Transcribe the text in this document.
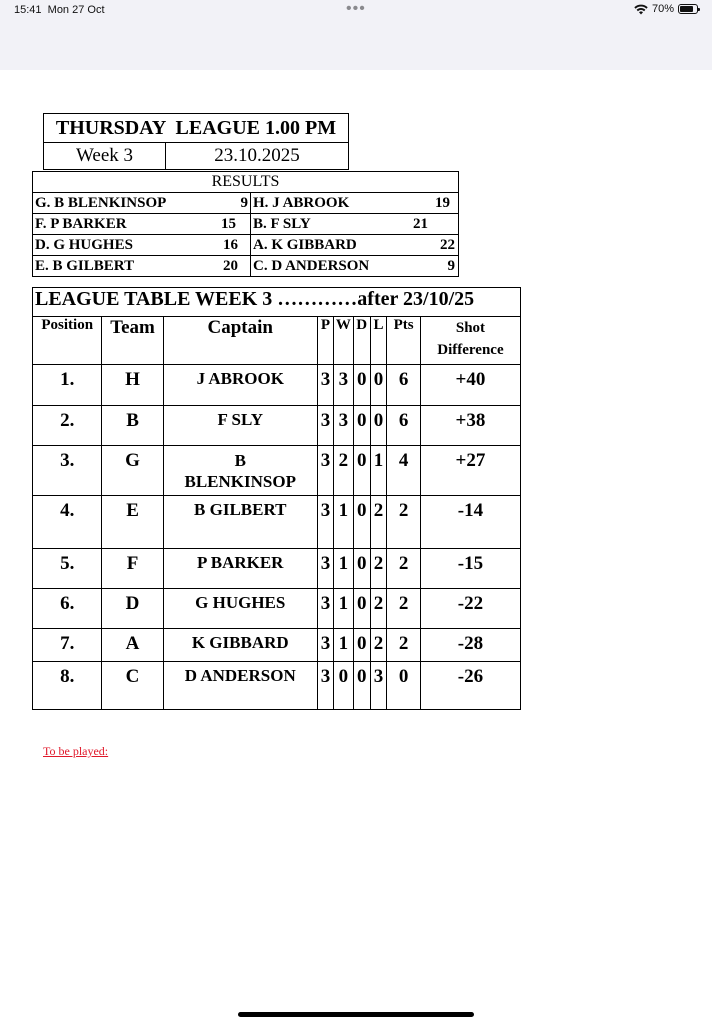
15:41 Mon 27 Oct	•••	70%
THURSDAY  LEAGUE 1.00 PM
Week 3	23.10.2025
RESULTS	
G. B BLENKINSOP 9	H. J ABROOK 19

F. P BARKER 15	B. F SLY 21

D. G HUGHES 16	A. K GIBBARD 22

E. B GILBERT 20	C. D ANDERSON 9
LEAGUE TABLE WEEK 3 …………after 23/10/25								
Position	Team	Captain	P	W	D	L	Pts	Shot
Difference
1.	H	J ABROOK	3	3	0	0	6	+40
2.	B	F SLY	3	3	0	0	6	+38
3.	G	B BLENKINSOP	3	2	0	1	4	+27
4.	E	B GILBERT	3	1	0	2	2	-14
5.	F	P BARKER	3	1	0	2	2	-15
6.	D	G HUGHES	3	1	0	2	2	-22
7.	A	K GIBBARD	3	1	0	2	2	-28
8.	C	D ANDERSON	3	0	0	3	0	-26
To be played:
